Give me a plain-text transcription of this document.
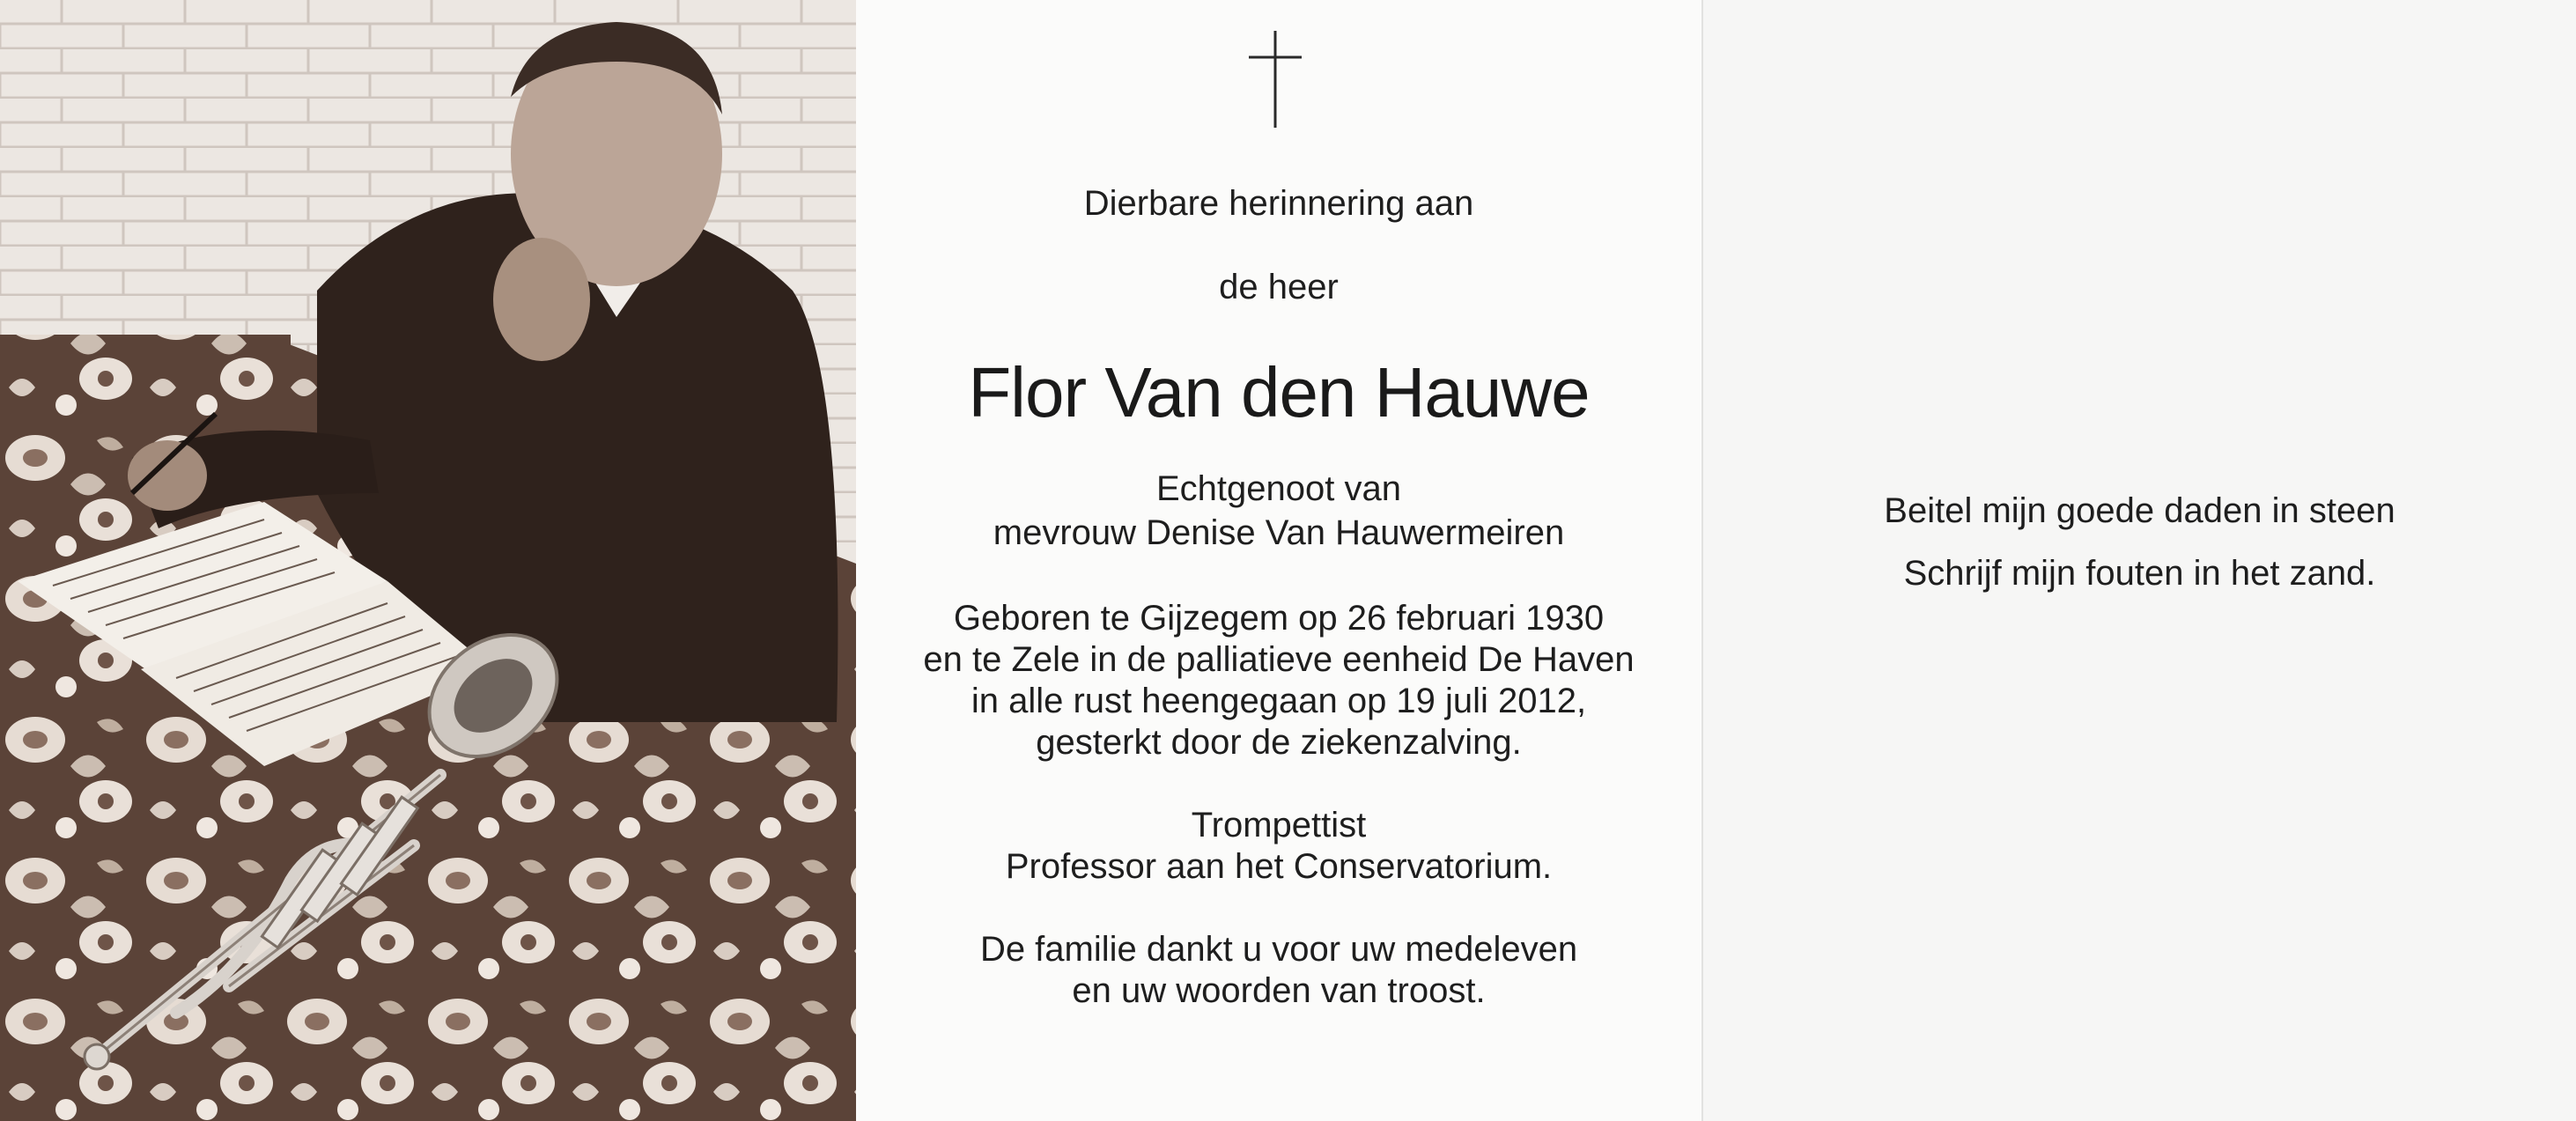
Dierbare herinnering aan

de heer

Flor Van den Hauwe

Echtgenoot van

mevrouw Denise Van Hauwermeiren

Geboren te Gijzegem op 26 februari 1930

en te Zele in de palliatieve eenheid De Haven

in alle rust heengegaan op 19 juli 2012,

gesterkt door de ziekenzalving.

Trompettist

Professor aan het Conservatorium.

De familie dankt u voor uw medeleven

en uw woorden van troost.

Beitel mijn goede daden in steen

Schrijf mijn fouten in het zand.
